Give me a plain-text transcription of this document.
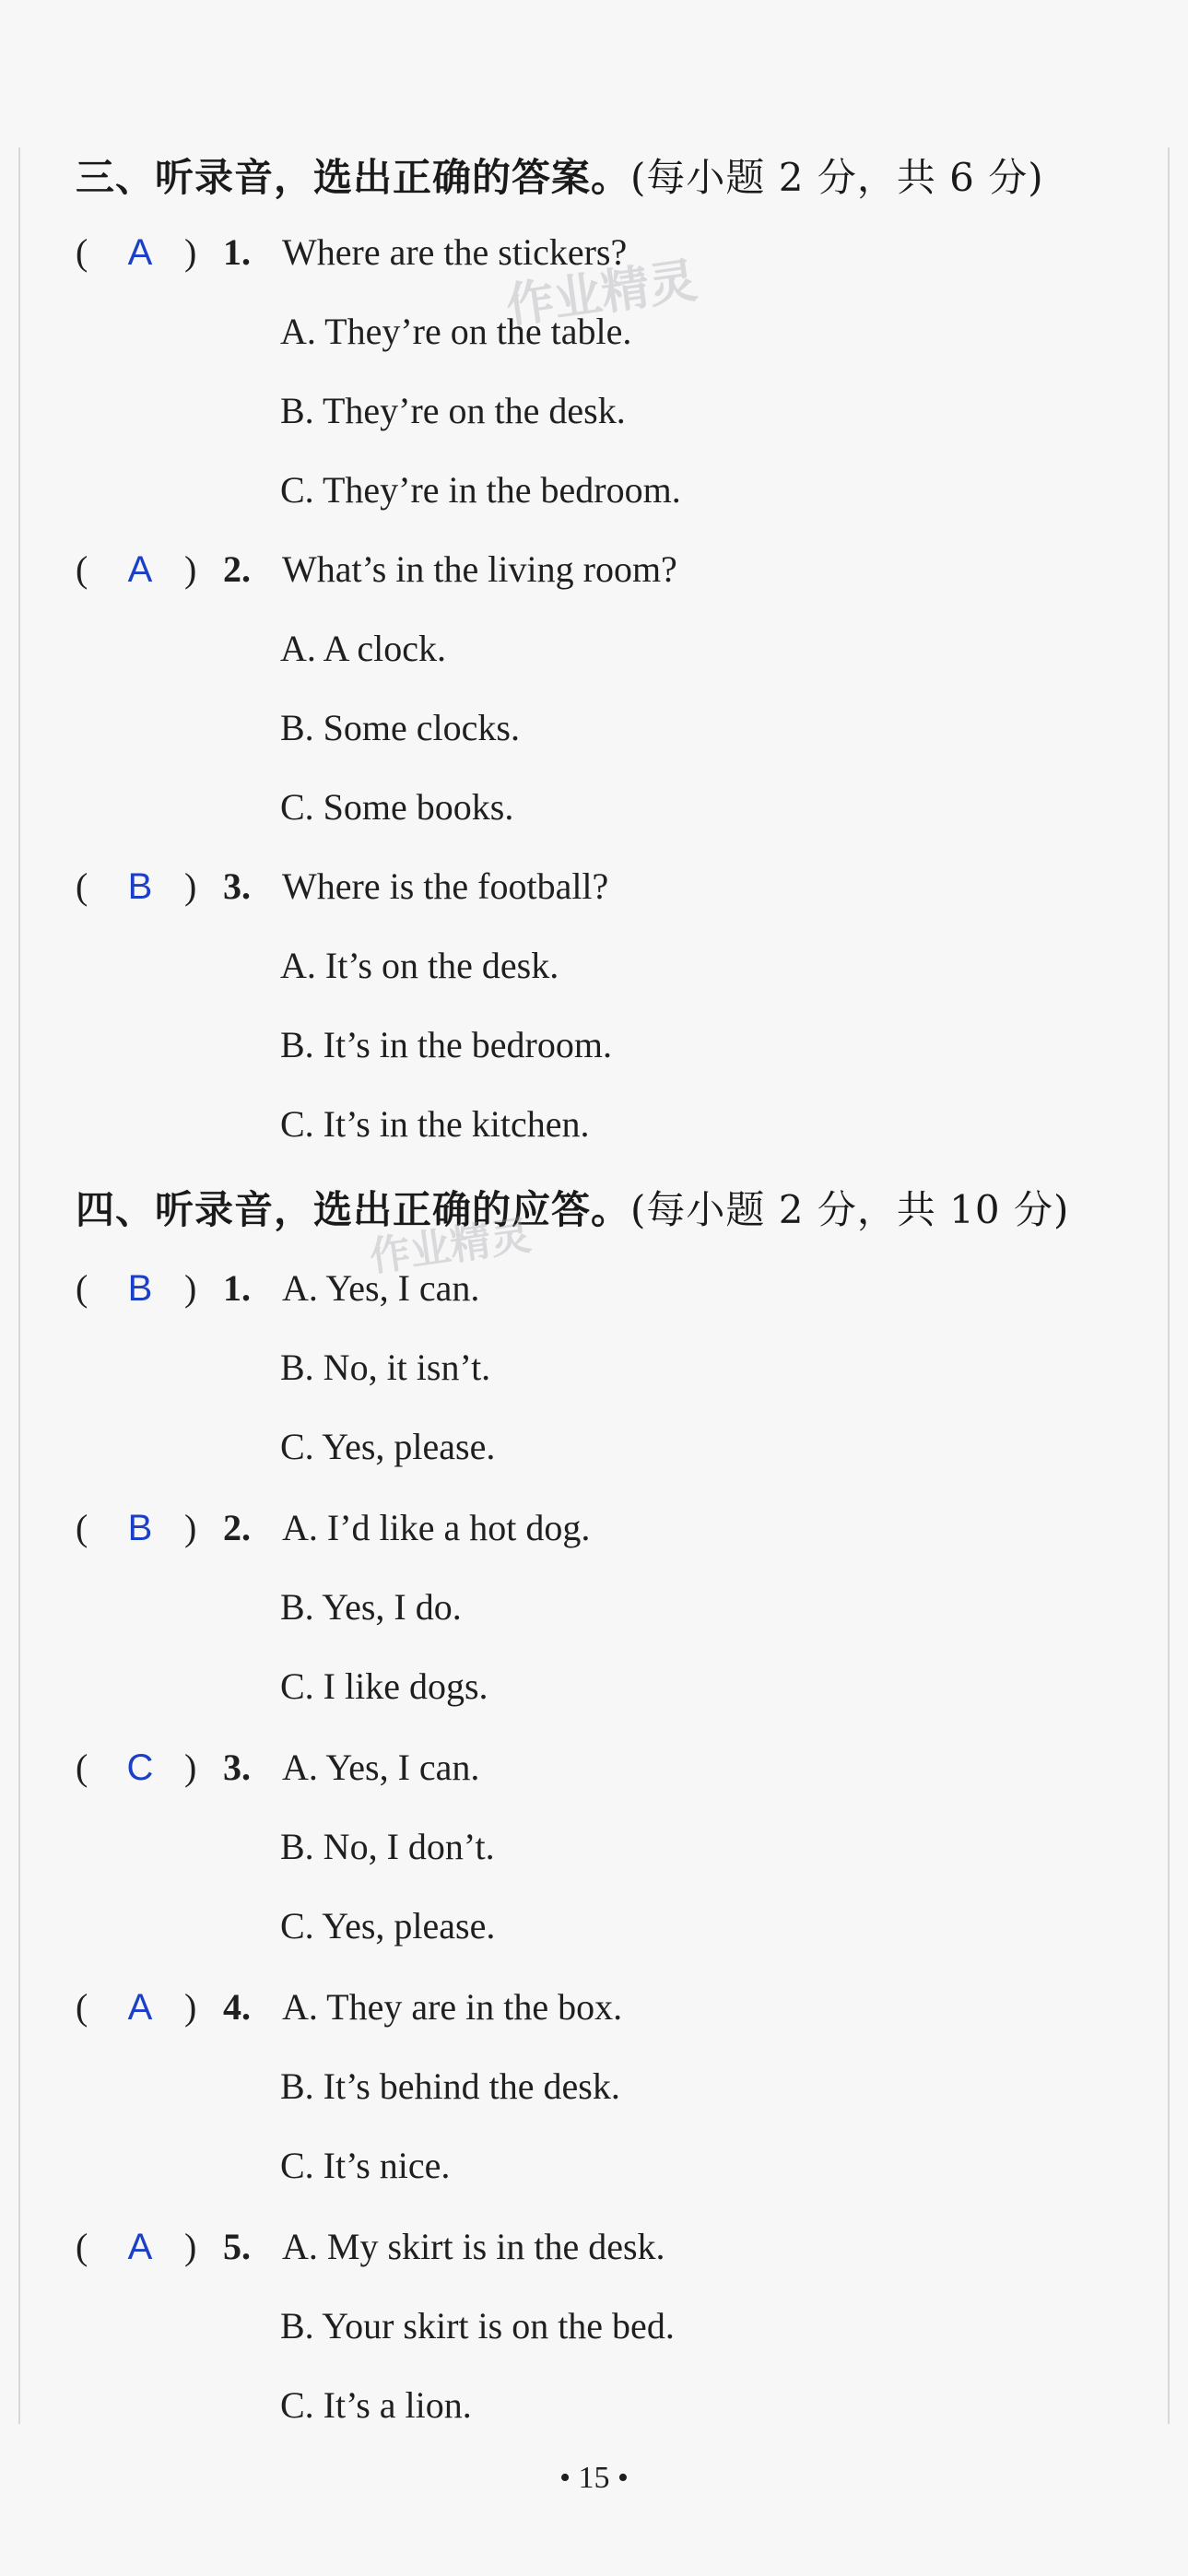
三、听录音，选出正确的答案。(每小题 2 分，共 6 分)
( A ) 1. Where are the stickers?
A. They’re on the table.
B. They’re on the desk.
C. They’re in the bedroom.
( A ) 2. What’s in the living room?
A. A clock.
B. Some clocks.
C. Some books.
( B ) 3. Where is the football?
A. It’s on the desk.
B. It’s in the bedroom.
C. It’s in the kitchen.
四、听录音，选出正确的应答。(每小题 2 分，共 10 分)
( B ) 1. A. Yes, I can.
B. No, it isn’t.
C. Yes, please.
( B ) 2. A. I’d like a hot dog.
B. Yes, I do.
C. I like dogs.
( C ) 3. A. Yes, I can.
B. No, I don’t.
C. Yes, please.
( A ) 4. A. They are in the box.
B. It’s behind the desk.
C. It’s nice.
( A ) 5. A. My skirt is in the desk.
B. Your skirt is on the bed.
C. It’s a lion.
作业精灵
作业精灵
• 15 •
